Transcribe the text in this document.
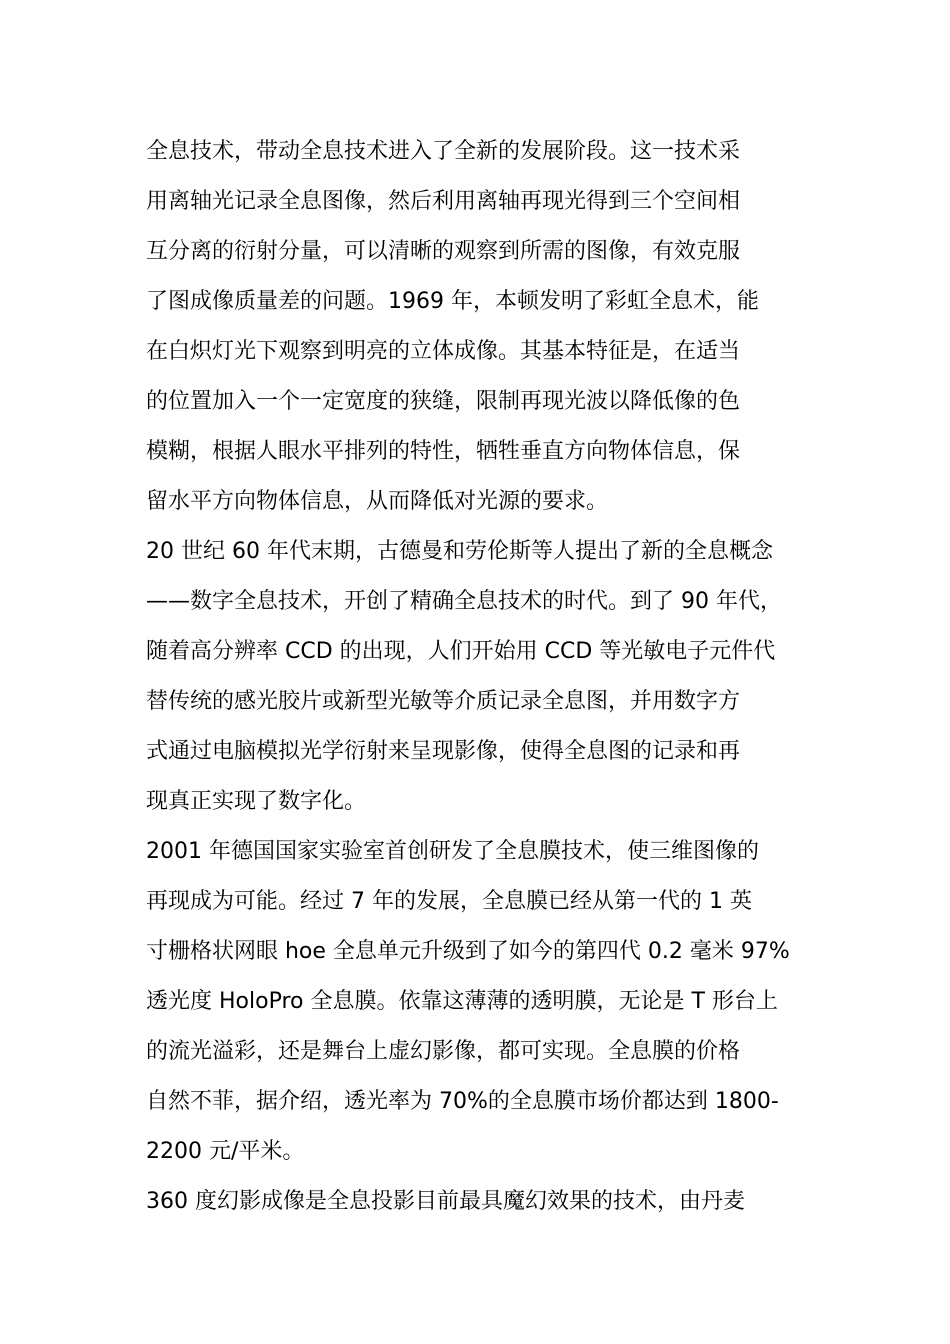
全息技术，带动全息技术进入了全新的发展阶段。这一技术采
用离轴光记录全息图像，然后利用离轴再现光得到三个空间相
互分离的衍射分量，可以清晰的观察到所需的图像，有效克服
了图成像质量差的问题。1969 年，本顿发明了彩虹全息术，能
在白炽灯光下观察到明亮的立体成像。其基本特征是，在适当
的位置加入一个一定宽度的狭缝，限制再现光波以降低像的色
模糊，根据人眼水平排列的特性，牺牲垂直方向物体信息，保
留水平方向物体信息，从而降低对光源的要求。
20 世纪 60 年代末期，古德曼和劳伦斯等人提出了新的全息概念
——数字全息技术，开创了精确全息技术的时代。到了 90 年代，
随着高分辨率 CCD 的出现，人们开始用 CCD 等光敏电子元件代
替传统的感光胶片或新型光敏等介质记录全息图，并用数字方
式通过电脑模拟光学衍射来呈现影像，使得全息图的记录和再
现真正实现了数字化。
2001 年德国国家实验室首创研发了全息膜技术，使三维图像的
再现成为可能。经过 7 年的发展，全息膜已经从第一代的 1 英
寸栅格状网眼 hoe 全息单元升级到了如今的第四代 0.2 毫米 97%
透光度 HoloPro 全息膜。依靠这薄薄的透明膜，无论是 T 形台上
的流光溢彩，还是舞台上虚幻影像，都可实现。全息膜的价格
自然不菲，据介绍，透光率为 70%的全息膜市场价都达到 1800-
2200 元/平米。
360 度幻影成像是全息投影目前最具魔幻效果的技术，由丹麦
